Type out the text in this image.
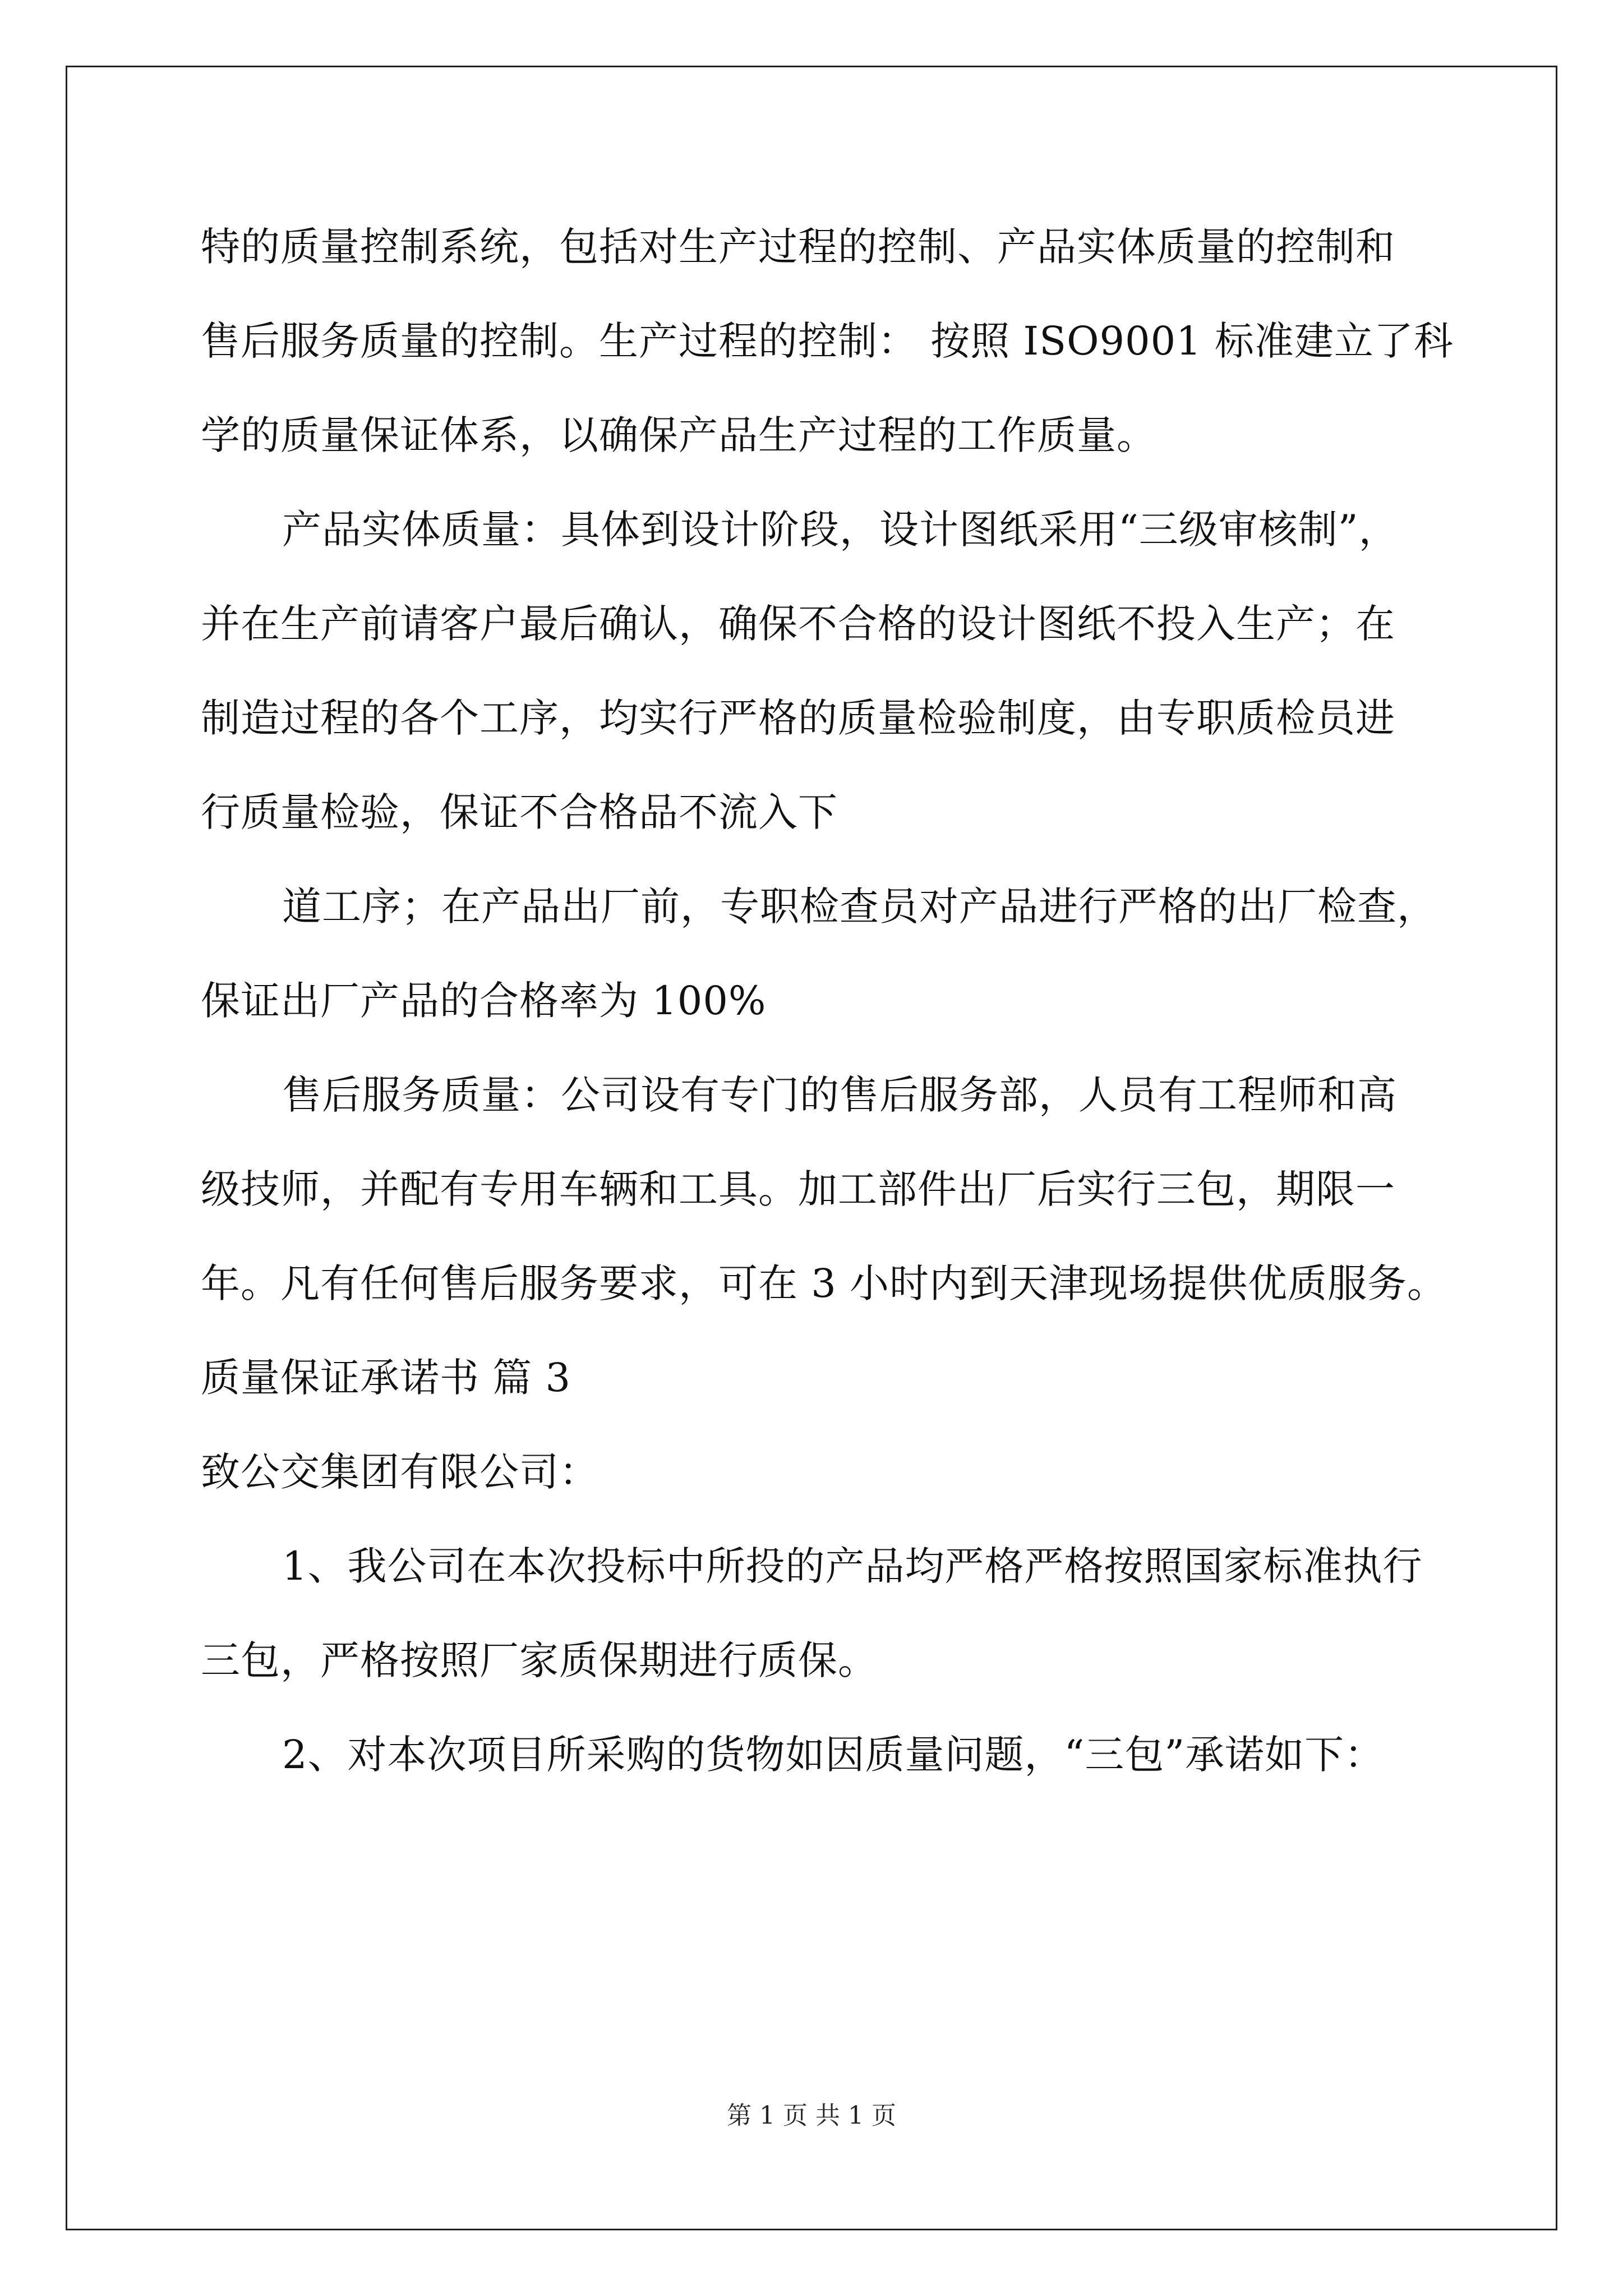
特的质量控制系统，包括对生产过程的控制、产品实体质量的控制和
售后服务质量的控制。生产过程的控制： 按照 ISO9001 标准建立了科
学的质量保证体系，以确保产品生产过程的工作质量。
产品实体质量：具体到设计阶段，设计图纸采用“三级审核制”，
并在生产前请客户最后确认，确保不合格的设计图纸不投入生产；在
制造过程的各个工序，均实行严格的质量检验制度，由专职质检员进
行质量检验，保证不合格品不流入下
道工序；在产品出厂前，专职检查员对产品进行严格的出厂检查，
保证出厂产品的合格率为 100%
售后服务质量：公司设有专门的售后服务部，人员有工程师和高
级技师，并配有专用车辆和工具。加工部件出厂后实行三包，期限一
年。凡有任何售后服务要求，可在 3 小时内到天津现场提供优质服务。
质量保证承诺书 篇 3
致公交集团有限公司：
1、我公司在本次投标中所投的产品均严格严格按照国家标准执行
三包，严格按照厂家质保期进行质保。
2、对本次项目所采购的货物如因质量问题，“三包”承诺如下：
第 1 页 共 1 页
